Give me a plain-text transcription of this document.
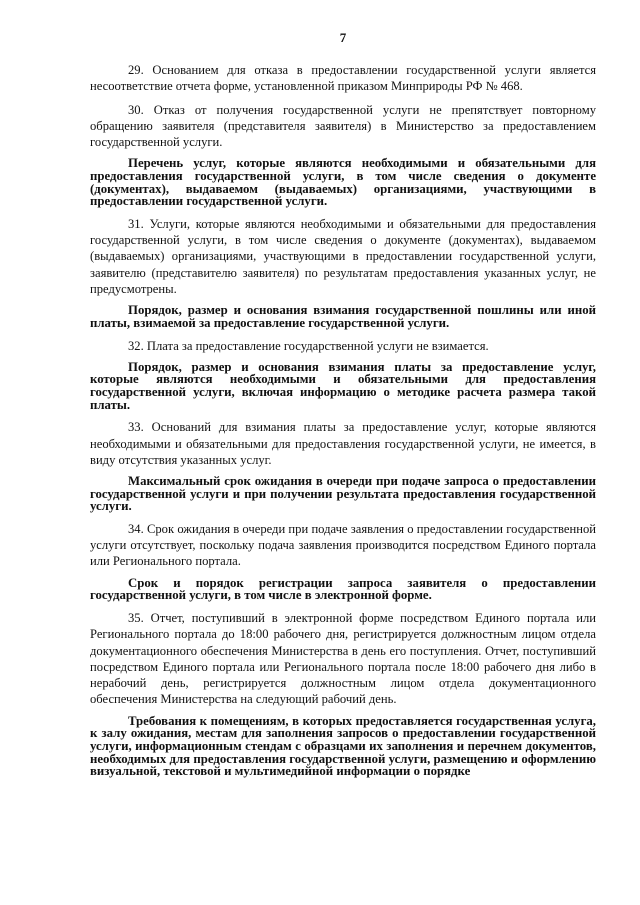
7

29. Основанием для отказа в предоставлении государственной услуги является несоответствие отчета форме, установленной приказом Минприроды РФ № 468.

30. Отказ от получения государственной услуги не препятствует повторному обращению заявителя (представителя заявителя) в Министерство за предоставлением государственной услуги.

Перечень услуг, которые являются необходимыми и обязательными для предоставления государственной услуги, в том числе сведения о документе (документах), выдаваемом (выдаваемых) организациями, участвующими в предоставлении государственной услуги.

31. Услуги, которые являются необходимыми и обязательными для предоставления государственной услуги, в том числе сведения о документе (документах), выдаваемом (выдаваемых) организациями, участвующими в предоставлении государственной услуги, заявителю (представителю заявителя) по результатам предоставления указанных услуг, не предусмотрены.

Порядок, размер и основания взимания государственной пошлины или иной платы, взимаемой за предоставление государственной услуги.

32. Плата за предоставление государственной услуги не взимается.

Порядок, размер и основания взимания платы за предоставление услуг, которые являются необходимыми и обязательными для предоставления государственной услуги, включая информацию о методике расчета размера такой платы.

33. Оснований для взимания платы за предоставление услуг, которые являются необходимыми и обязательными для предоставления государственной услуги, не имеется, в виду отсутствия указанных услуг.

Максимальный срок ожидания в очереди при подаче запроса о предоставлении государственной услуги и при получении результата предоставления государственной услуги.

34. Срок ожидания в очереди при подаче заявления о предоставлении государственной услуги отсутствует, поскольку подача заявления производится посредством Единого портала или Регионального портала.

Срок и порядок регистрации запроса заявителя о предоставлении государственной услуги, в том числе в электронной форме.

35. Отчет, поступивший в электронной форме посредством Единого портала или Регионального портала до 18:00 рабочего дня, регистрируется должностным лицом отдела документационного обеспечения Министерства в день его поступления. Отчет, поступивший посредством Единого портала или Регионального портала после 18:00 рабочего дня либо в нерабочий день, регистрируется должностным лицом отдела документационного обеспечения Министерства на следующий рабочий день.

Требования к помещениям, в которых предоставляется государственная услуга, к залу ожидания, местам для заполнения запросов о предоставлении государственной услуги, информационным стендам с образцами их заполнения и перечнем документов, необходимых для предоставления государственной услуги, размещению и оформлению визуальной, текстовой и мультимедийной информации о порядке
